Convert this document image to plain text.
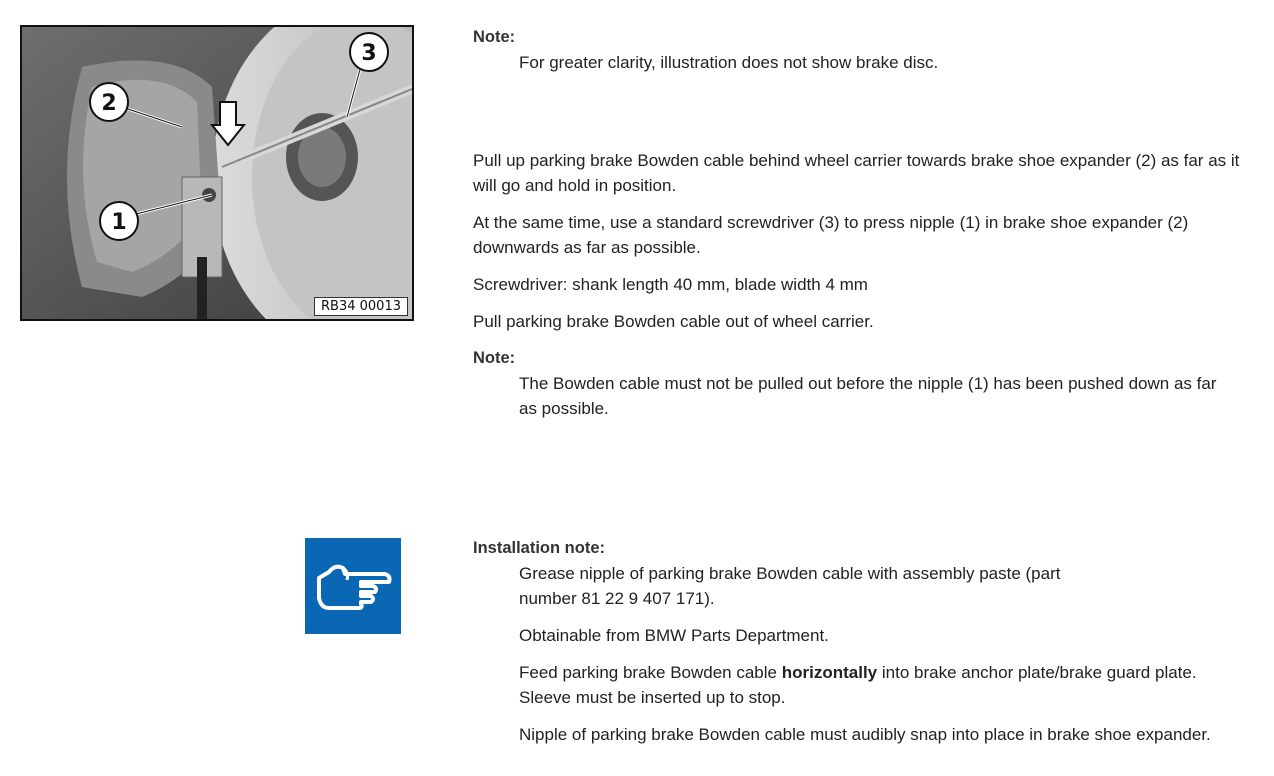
2
1
3
RB34 00013

Note:

For greater clarity, illustration does not show brake disc.

Pull up parking brake Bowden cable behind wheel carrier towards brake shoe expander (2) as far as it will go and hold in position.

At the same time, use a standard screwdriver (3) to press nipple (1) in brake shoe expander (2) downwards as far as possible.

Screwdriver: shank length 40 mm, blade width 4 mm

Pull parking brake Bowden cable out of wheel carrier.

Note:

The Bowden cable must not be pulled out before the nipple (1) has been pushed down as far as possible.

Installation note:

Grease nipple of parking brake Bowden cable with assembly paste (part number 81 22 9 407 171).

Obtainable from BMW Parts Department.

Feed parking brake Bowden cable horizontally into brake anchor plate/brake guard plate. Sleeve must be inserted up to stop.

Nipple of parking brake Bowden cable must audibly snap into place in brake shoe expander.
